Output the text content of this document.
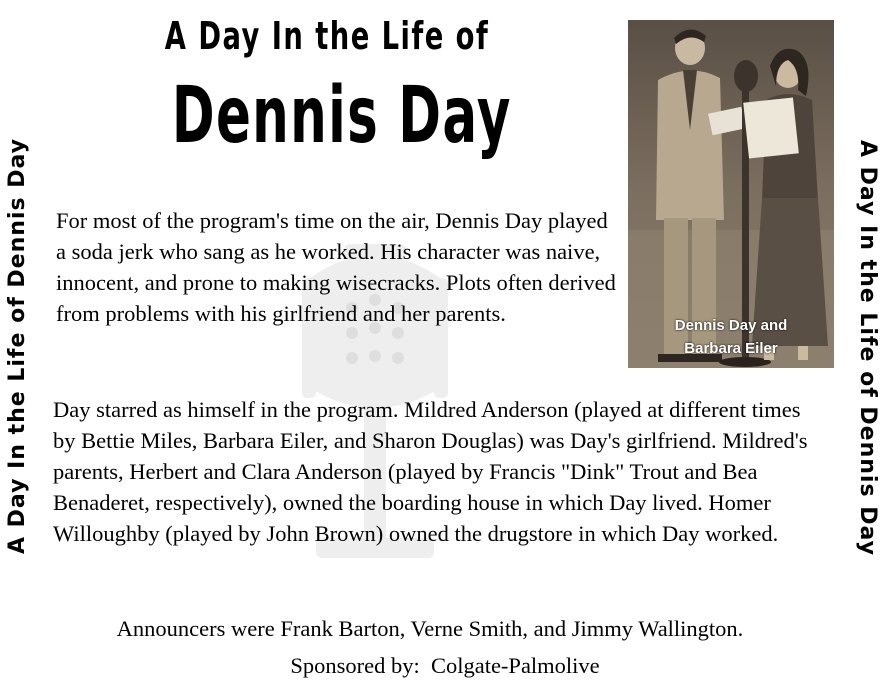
A Day In the Life of
Dennis Day
A Day In the Life of Dennis Day	A Day In the Life of Dennis Day
Dennis Day and
Barbara Eiler

For most of the program's time on the air, Dennis Day played a soda jerk who sang as he worked. His character was naive, innocent, and prone to making wisecracks. Plots often derived from problems with his girlfriend and her parents.

Day starred as himself in the program. Mildred Anderson (played at different times by Bettie Miles, Barbara Eiler, and Sharon Douglas) was Day's girlfriend. Mildred's parents, Herbert and Clara Anderson (played by Francis "Dink" Trout and Bea Benaderet, respectively), owned the boarding house in which Day lived. Homer Willoughby (played by John Brown) owned the drugstore in which Day worked.

Announcers were Frank Barton, Verne Smith, and Jimmy Wallington.
Sponsored by:  Colgate-Palmolive
